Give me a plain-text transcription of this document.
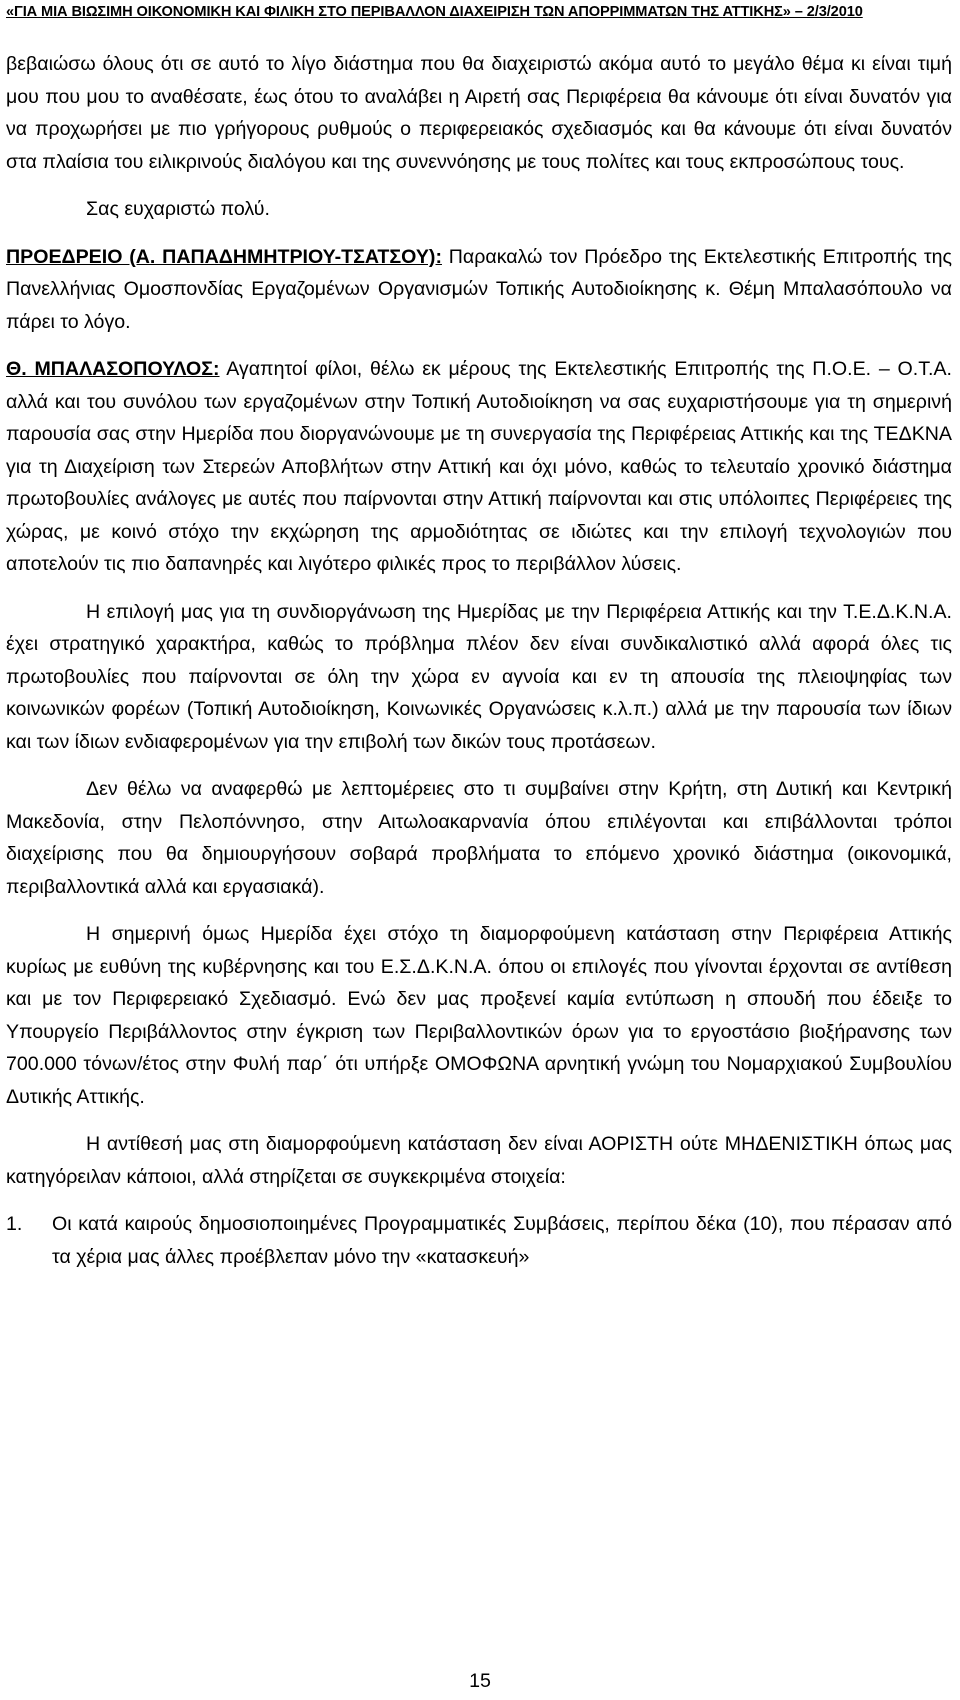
«ΓΙΑ ΜΙΑ ΒΙΩΣΙΜΗ ΟΙΚΟΝΟΜΙΚΗ ΚΑΙ ΦΙΛΙΚΗ ΣΤΟ ΠΕΡΙΒΑΛΛΟΝ ΔΙΑΧΕΙΡΙΣΗ ΤΩΝ ΑΠΟΡΡΙΜΜΑΤΩΝ ΤΗΣ ΑΤΤΙΚΗΣ» – 2/3/2010

βεβαιώσω όλους ότι σε αυτό το λίγο διάστημα που θα διαχειριστώ ακόμα αυτό το μεγάλο θέμα κι είναι τιμή μου που μου το αναθέσατε, έως ότου το αναλάβει η Αιρετή σας Περιφέρεια θα κάνουμε ότι είναι δυνατόν για να προχωρήσει με πιο γρήγορους ρυθμούς ο περιφερειακός σχεδιασμός και θα κάνουμε ότι είναι δυνατόν στα πλαίσια του ειλικρινούς διαλόγου και της συνεννόησης με τους πολίτες και τους εκπροσώπους τους.

Σας ευχαριστώ πολύ.

ΠΡΟΕΔΡΕΙΟ (Α. ΠΑΠΑΔΗΜΗΤΡΙΟΥ-ΤΣΑΤΣΟΥ): Παρακαλώ τον Πρόεδρο της Εκτελεστικής Επιτροπής της Πανελλήνιας Ομοσπονδίας Εργαζομένων Οργανισμών Τοπικής Αυτοδιοίκησης κ. Θέμη Μπαλασόπουλο να πάρει το λόγο.

Θ. ΜΠΑΛΑΣΟΠΟΥΛΟΣ: Αγαπητοί φίλοι, θέλω εκ μέρους της Εκτελεστικής Επιτροπής της Π.Ο.Ε. – Ο.Τ.Α. αλλά και του συνόλου των εργαζομένων στην Τοπική Αυτοδιοίκηση να σας ευχαριστήσουμε για τη σημερινή παρουσία σας στην Ημερίδα που διοργανώνουμε με τη συνεργασία της Περιφέρειας Αττικής και της ΤΕΔΚΝΑ για τη Διαχείριση των Στερεών Αποβλήτων στην Αττική και όχι μόνο, καθώς το τελευταίο χρονικό διάστημα πρωτοβουλίες ανάλογες με αυτές που παίρνονται στην Αττική παίρνονται και στις υπόλοιπες Περιφέρειες της χώρας, με κοινό στόχο την εκχώρηση της αρμοδιότητας σε ιδιώτες και την επιλογή τεχνολογιών που αποτελούν τις πιο δαπανηρές και λιγότερο φιλικές προς το περιβάλλον λύσεις.

Η επιλογή μας για τη συνδιοργάνωση της Ημερίδας με την Περιφέρεια Αττικής και την Τ.Ε.Δ.Κ.Ν.Α. έχει στρατηγικό χαρακτήρα, καθώς το πρόβλημα πλέον δεν είναι συνδικαλιστικό αλλά αφορά όλες τις πρωτοβουλίες που παίρνονται σε όλη την χώρα εν αγνοία και εν τη απουσία της πλειοψηφίας των κοινωνικών φορέων (Τοπική Αυτοδιοίκηση, Κοινωνικές Οργανώσεις κ.λ.π.) αλλά με την παρουσία των ίδιων και των ίδιων ενδιαφερομένων για την επιβολή των δικών τους προτάσεων.

Δεν θέλω να αναφερθώ με λεπτομέρειες στο τι συμβαίνει στην Κρήτη, στη Δυτική και Κεντρική Μακεδονία, στην Πελοπόννησο, στην Αιτωλοακαρνανία όπου επιλέγονται και επιβάλλονται τρόποι διαχείρισης που θα δημιουργήσουν σοβαρά προβλήματα το επόμενο χρονικό διάστημα (οικονομικά, περιβαλλοντικά αλλά και εργασιακά).

Η σημερινή όμως Ημερίδα έχει στόχο τη διαμορφούμενη κατάσταση στην Περιφέρεια Αττικής κυρίως με ευθύνη της κυβέρνησης και του Ε.Σ.Δ.Κ.Ν.Α. όπου οι επιλογές που γίνονται έρχονται σε αντίθεση και με τον Περιφερειακό Σχεδιασμό. Ενώ δεν μας προξενεί καμία εντύπωση η σπουδή που έδειξε το Υπουργείο Περιβάλλοντος στην έγκριση των Περιβαλλοντικών όρων για το εργοστάσιο βιοξήρανσης των 700.000 τόνων/έτος στην Φυλή παρ΄ ότι υπήρξε ΟΜΟΦΩΝΑ αρνητική γνώμη του Νομαρχιακού Συμβουλίου Δυτικής Αττικής.

Η αντίθεσή μας στη διαμορφούμενη κατάσταση δεν είναι ΑΟΡΙΣΤΗ ούτε ΜΗΔΕΝΙΣΤΙΚΗ όπως μας κατηγόρειλαν κάποιοι, αλλά στηρίζεται σε συγκεκριμένα στοιχεία:

1.	Οι κατά καιρούς δημοσιοποιημένες Προγραμματικές Συμβάσεις, περίπου δέκα (10), που πέρασαν από τα χέρια μας άλλες προέβλεπαν μόνο την «κατασκευή»
15
